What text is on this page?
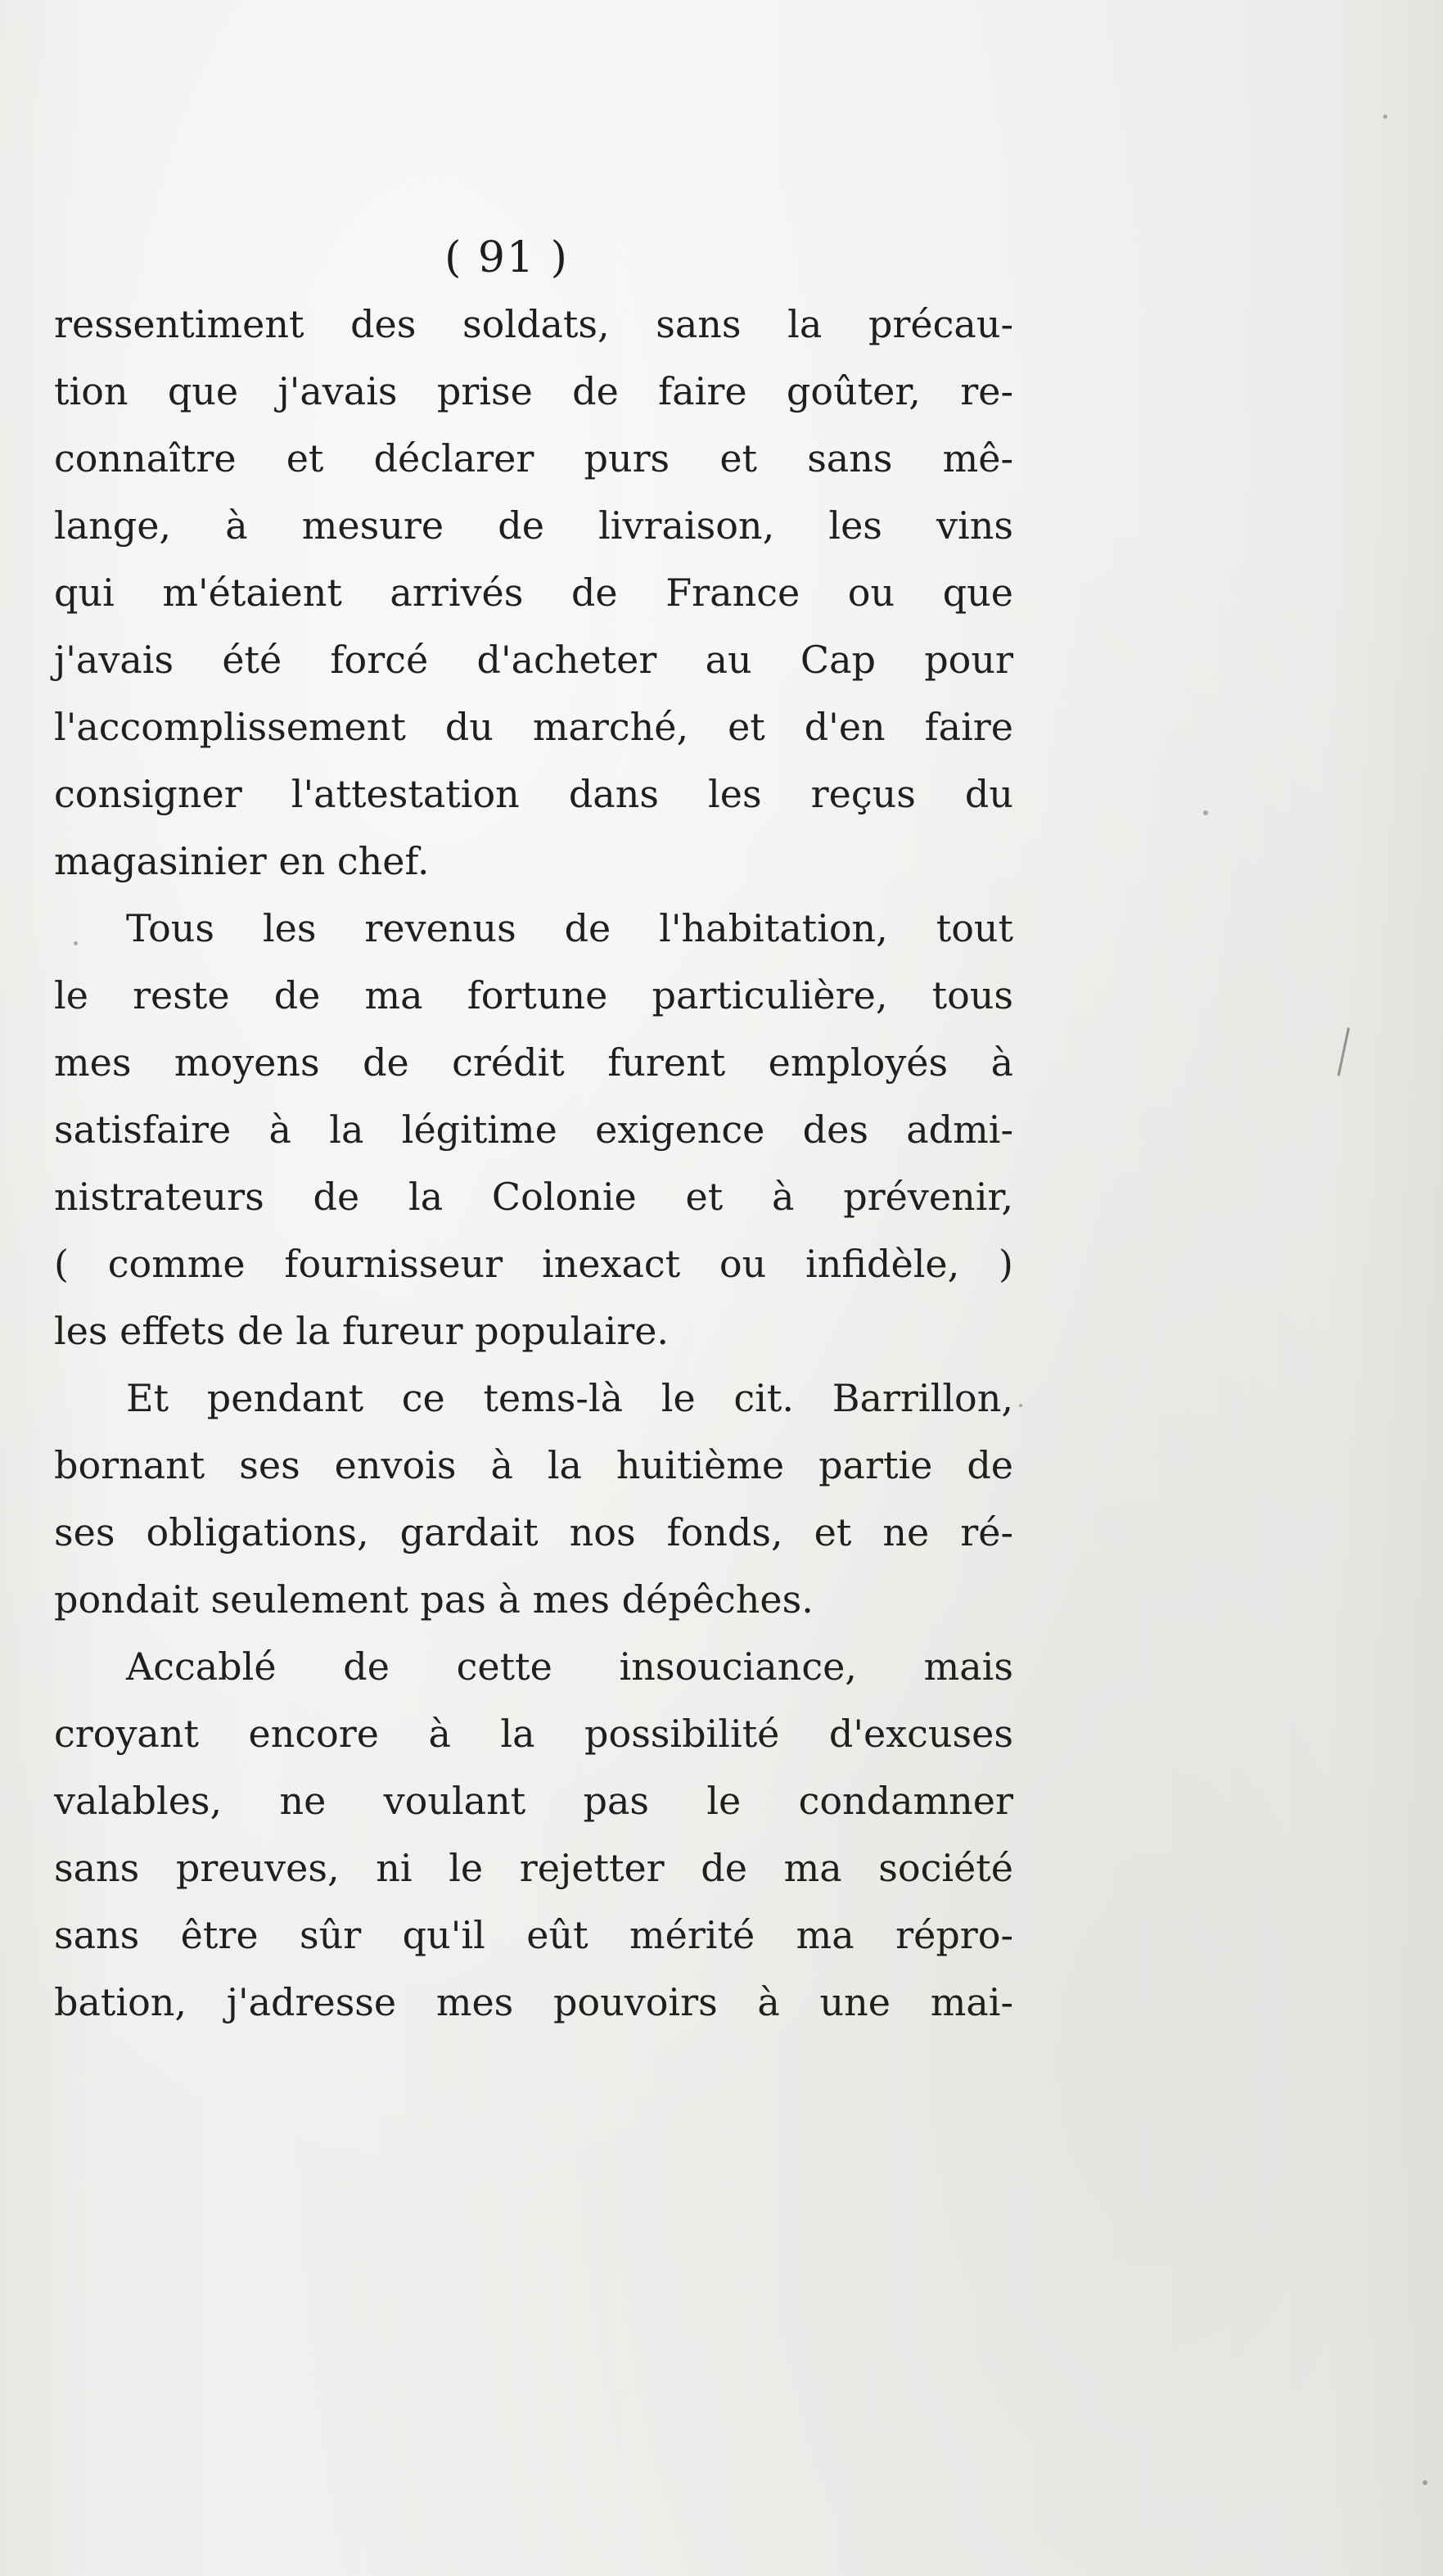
( 91 )
ressentiment des soldats, sans la précau-
tion que j'avais prise de faire goûter, re-
connaître et déclarer purs et sans mê-
lange, à mesure de livraison, les vins
qui m'étaient arrivés de France ou que
j'avais été forcé d'acheter au Cap pour
l'accomplissement du marché, et d'en faire
consigner l'attestation dans les reçus du
magasinier en chef.
Tous les revenus de l'habitation, tout
le reste de ma fortune particulière, tous
mes moyens de crédit furent employés à
satisfaire à la légitime exigence des admi-
nistrateurs de la Colonie et à prévenir,
( comme fournisseur inexact ou infidèle, )
les effets de la fureur populaire.
Et pendant ce tems-là le cit. Barrillon,
bornant ses envois à la huitième partie de
ses obligations, gardait nos fonds, et ne ré-
pondait seulement pas à mes dépêches.
Accablé de cette insouciance, mais
croyant encore à la possibilité d'excuses
valables, ne voulant pas le condamner
sans preuves, ni le rejetter de ma société
sans être sûr qu'il eût mérité ma répro-
bation, j'adresse mes pouvoirs à une mai-
